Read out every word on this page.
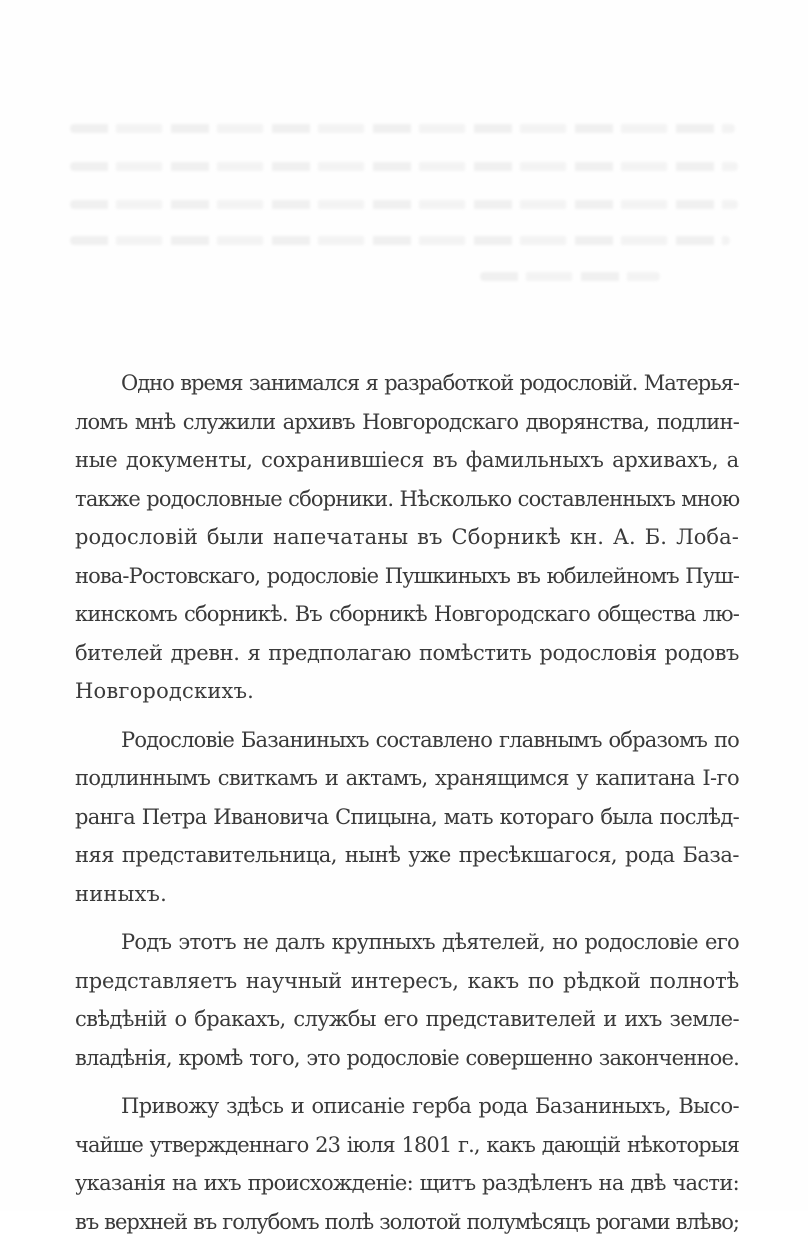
Одно время занимался я разработкой родословій. Матерья-
ломъ мнѣ служили архивъ Новгородскаго дворянства, подлин-
ные документы, сохранившіеся въ фамильныхъ архивахъ, а
также родословные сборники. Нѣсколько составленныхъ мною
родословій были напечатаны въ Сборникѣ кн. А. Б. Лоба-
нова-Ростовскаго, родословіе Пушкиныхъ въ юбилейномъ Пуш-
кинскомъ сборникѣ. Въ сборникѣ Новгородскаго общества лю-
бителей древн. я предполагаю помѣстить родословія родовъ
Новгородскихъ.

Родословіе Базаниныхъ составлено главнымъ образомъ по
подлиннымъ свиткамъ и актамъ, хранящимся у капитана I-го
ранга Петра Ивановича Спицына, мать котораго была послѣд-
няя представительница, нынѣ уже пресѣкшагося, рода База-
ниныхъ.

Родъ этотъ не далъ крупныхъ дѣятелей, но родословіе его
представляетъ научный интересъ, какъ по рѣдкой полнотѣ
свѣдѣній о бракахъ, службы его представителей и ихъ земле-
владѣнія, кромѣ того, это родословіе совершенно законченное.

Привожу здѣсь и описаніе герба рода Базаниныхъ, Высо-
чайше утвержденнаго 23 іюля 1801 г., какъ дающій нѣкоторыя
указанія на ихъ происхожденіе: щитъ раздѣленъ на двѣ части:
въ верхней въ голубомъ полѣ золотой полумѣсяцъ рогами влѣво;
